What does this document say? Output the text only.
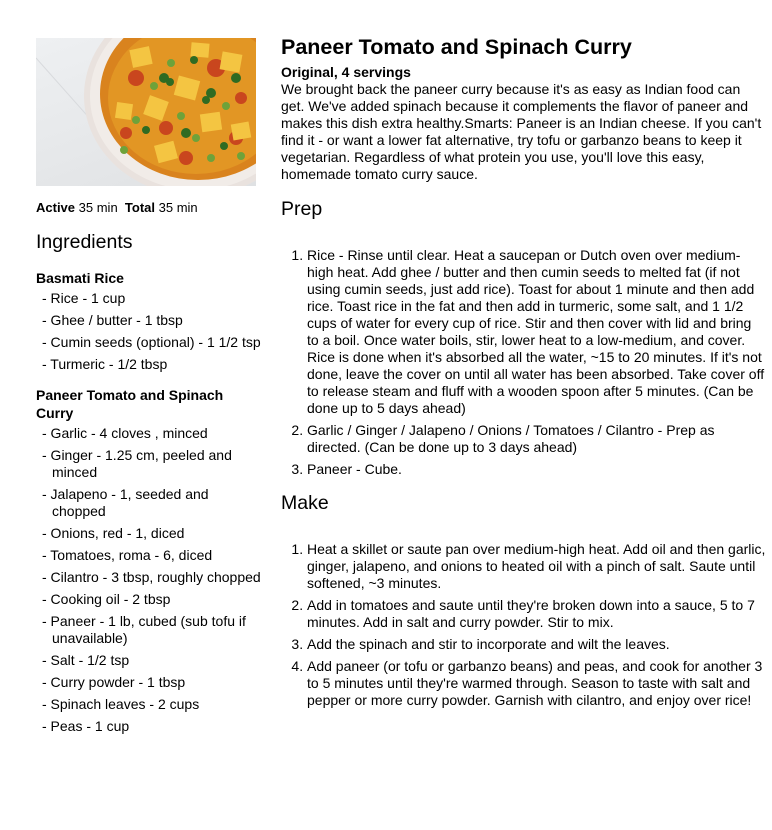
Active 35 min Total 35 min
Ingredients
Basmati Rice
- Rice - 1 cup
- Ghee / butter - 1 tbsp
- Cumin seeds (optional) - 1 1/2 tsp
- Turmeric - 1/2 tbsp
Paneer Tomato and Spinach Curry
- Garlic - 4 cloves , minced
- Ginger - 1.25 cm, peeled and minced
- Jalapeno - 1, seeded and chopped
- Onions, red - 1, diced
- Tomatoes, roma - 6, diced
- Cilantro - 3 tbsp, roughly chopped
- Cooking oil - 2 tbsp
- Paneer - 1 lb, cubed (sub tofu if unavailable)
- Salt - 1/2 tsp
- Curry powder - 1 tbsp
- Spinach leaves - 2 cups
- Peas - 1 cup
Paneer Tomato and Spinach Curry
Original, 4 servings

We brought back the paneer curry because it's as easy as Indian food can get. We've added spinach because it complements the flavor of paneer and makes this dish extra healthy.Smarts: Paneer is an Indian cheese. If you can't find it - or want a lower fat alternative, try tofu or garbanzo beans to keep it vegetarian. Regardless of what protein you use, you'll love this easy, homemade tomato curry sauce.

Prep
1. Rice - Rinse until clear. Heat a saucepan or Dutch oven over medium-high heat. Add ghee / butter and then cumin seeds to melted fat (if not using cumin seeds, just add rice). Toast for about 1 minute and then add rice. Toast rice in the fat and then add in turmeric, some salt, and 1 1/2 cups of water for every cup of rice. Stir and then cover with lid and bring to a boil. Once water boils, stir, lower heat to a low-medium, and cover. Rice is done when it's absorbed all the water, ~15 to 20 minutes. If it's not done, leave the cover on until all water has been absorbed. Take cover off to release steam and fluff with a wooden spoon after 5 minutes. (Can be done up to 5 days ahead)
2. Garlic / Ginger / Jalapeno / Onions / Tomatoes / Cilantro - Prep as directed. (Can be done up to 3 days ahead)
3. Paneer - Cube.
Make
1. Heat a skillet or saute pan over medium-high heat. Add oil and then garlic, ginger, jalapeno, and onions to heated oil with a pinch of salt. Saute until softened, ~3 minutes.
2. Add in tomatoes and saute until they're broken down into a sauce, 5 to 7 minutes. Add in salt and curry powder. Stir to mix.
3. Add the spinach and stir to incorporate and wilt the leaves.
4. Add paneer (or tofu or garbanzo beans) and peas, and cook for another 3 to 5 minutes until they're warmed through. Season to taste with salt and pepper or more curry powder. Garnish with cilantro, and enjoy over rice!
